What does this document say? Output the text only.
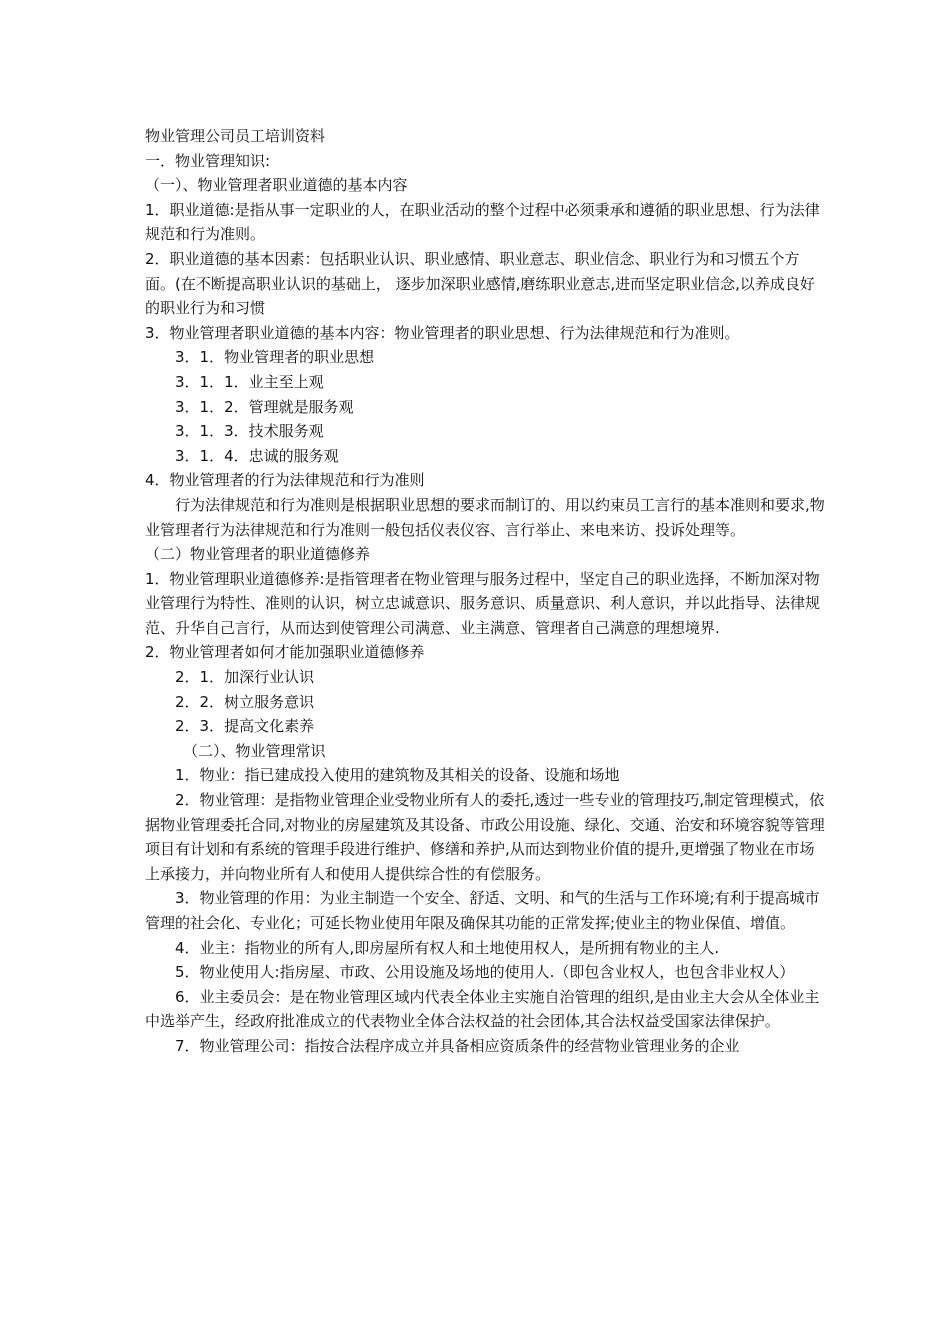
物业管理公司员工培训资料
一．物业管理知识:
（一）、物业管理者职业道德的基本内容
1．职业道德:是指从事一定职业的人，在职业活动的整个过程中必须秉承和遵循的职业思想、行为法律规范和行为准则。
2．职业道德的基本因素：包括职业认识、职业感情、职业意志、职业信念、职业行为和习惯五个方面。(在不断提高职业认识的基础上， 逐步加深职业感情,磨练职业意志,进而坚定职业信念,以养成良好的职业行为和习惯
3．物业管理者职业道德的基本内容：物业管理者的职业思想、行为法律规范和行为准则。
3．1．物业管理者的职业思想
3．1．1．业主至上观
3．1．2．管理就是服务观
3．1．3．技术服务观
3．1．4．忠诚的服务观
4．物业管理者的行为法律规范和行为准则
行为法律规范和行为准则是根据职业思想的要求而制订的、用以约束员工言行的基本准则和要求,物业管理者行为法律规范和行为准则一般包括仪表仪容、言行举止、来电来访、投诉处理等。
（二）物业管理者的职业道德修养
1．物业管理职业道德修养:是指管理者在物业管理与服务过程中，坚定自己的职业选择，不断加深对物业管理行为特性、准则的认识，树立忠诚意识、服务意识、质量意识、利人意识，并以此指导、法律规范、升华自己言行，从而达到使管理公司满意、业主满意、管理者自己满意的理想境界.
2．物业管理者如何才能加强职业道德修养
2．1．加深行业认识
2．2．树立服务意识
2．3．提高文化素养
（二）、物业管理常识
1．物业：指已建成投入使用的建筑物及其相关的设备、设施和场地
2．物业管理：是指物业管理企业受物业所有人的委托,透过一些专业的管理技巧,制定管理模式，依据物业管理委托合同,对物业的房屋建筑及其设备、市政公用设施、绿化、交通、治安和环境容貌等管理项目有计划和有系统的管理手段进行维护、修缮和养护,从而达到物业价值的提升,更增强了物业在市场上承接力，并向物业所有人和使用人提供综合性的有偿服务。
3．物业管理的作用：为业主制造一个安全、舒适、文明、和气的生活与工作环境;有利于提高城市管理的社会化、专业化；可延长物业使用年限及确保其功能的正常发挥;使业主的物业保值、增值。
4．业主：指物业的所有人,即房屋所有权人和土地使用权人，是所拥有物业的主人.
5．物业使用人:指房屋、市政、公用设施及场地的使用人.（即包含业权人，也包含非业权人）
6．业主委员会：是在物业管理区域内代表全体业主实施自治管理的组织,是由业主大会从全体业主中选举产生，经政府批准成立的代表物业全体合法权益的社会团体,其合法权益受国家法律保护。
7．物业管理公司：指按合法程序成立并具备相应资质条件的经营物业管理业务的企业
